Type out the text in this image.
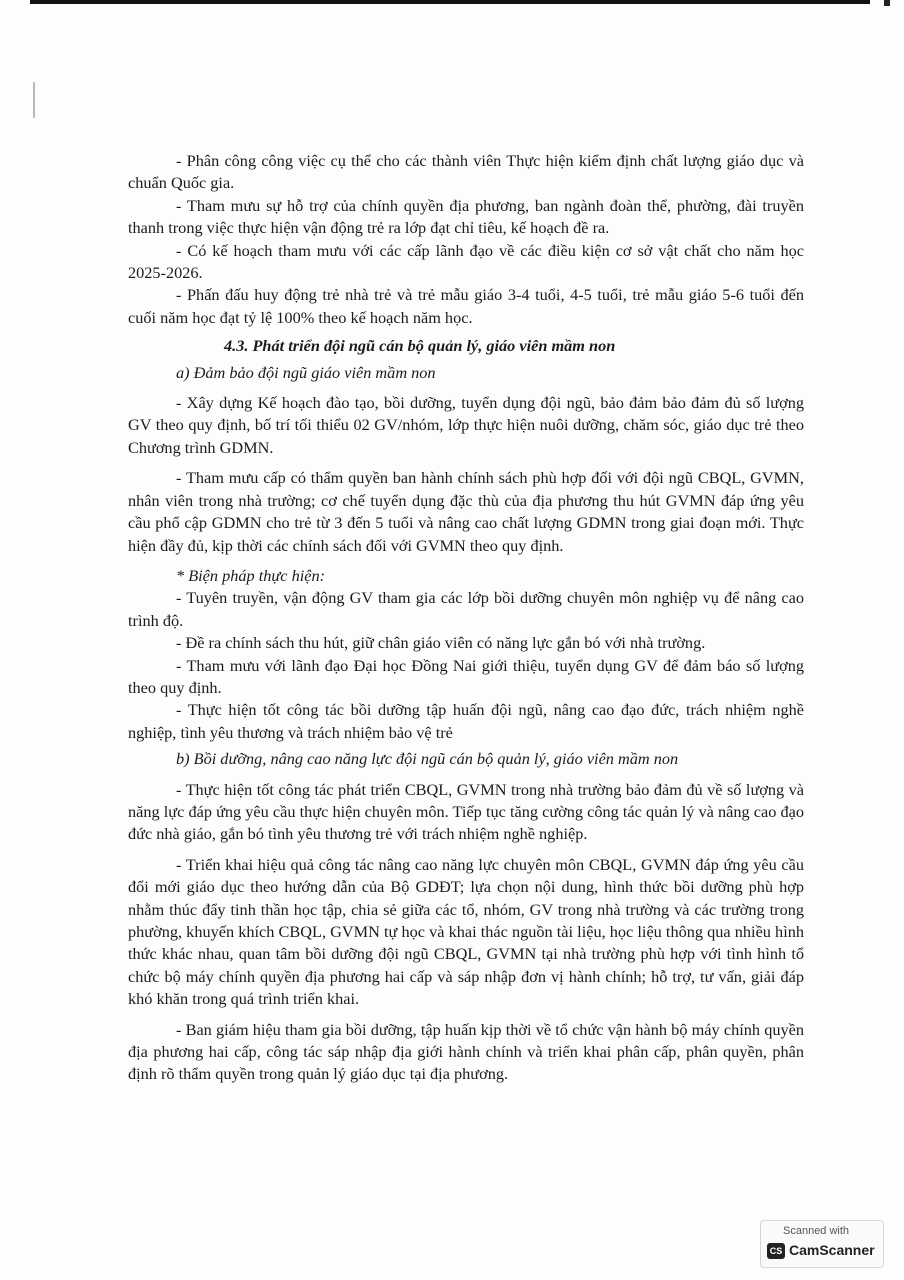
- Phân công công việc cụ thể cho các thành viên Thực hiện kiểm định chất lượng giáo dục và chuẩn Quốc gia.

- Tham mưu sự hỗ trợ của chính quyền địa phương, ban ngành đoàn thể, phường, đài truyền thanh trong việc thực hiện vận động trẻ ra lớp đạt chỉ tiêu, kế hoạch đề ra.

- Có kế hoạch tham mưu với các cấp lãnh đạo về các điều kiện cơ sở vật chất cho năm học 2025-2026.

- Phấn đấu huy động trẻ nhà trẻ và trẻ mẫu giáo 3-4 tuổi, 4-5 tuổi, trẻ mẫu giáo 5-6 tuổi đến cuối năm học đạt tỷ lệ 100% theo kế hoạch năm học.

4.3. Phát triển đội ngũ cán bộ quản lý, giáo viên mầm non

a) Đảm bảo đội ngũ giáo viên mầm non

- Xây dựng Kế hoạch đào tạo, bồi dưỡng, tuyển dụng đội ngũ, bảo đảm bảo đảm đủ số lượng GV theo quy định, bố trí tối thiểu 02 GV/nhóm, lớp thực hiện nuôi dưỡng, chăm sóc, giáo dục trẻ theo Chương trình GDMN.

- Tham mưu cấp có thẩm quyền ban hành chính sách phù hợp đối với đội ngũ CBQL, GVMN, nhân viên trong nhà trường; cơ chế tuyển dụng đặc thù của địa phương thu hút GVMN đáp ứng yêu cầu phổ cập GDMN cho trẻ từ 3 đến 5 tuổi và nâng cao chất lượng GDMN trong giai đoạn mới. Thực hiện đầy đủ, kịp thời các chính sách đối với GVMN theo quy định.

* Biện pháp thực hiện:

- Tuyên truyền, vận động GV tham gia các lớp bồi dưỡng chuyên môn nghiệp vụ để nâng cao trình độ.

- Đề ra chính sách thu hút, giữ chân giáo viên có năng lực gắn bó với nhà trường.

- Tham mưu với lãnh đạo Đại học Đồng Nai giới thiệu, tuyển dụng GV để đảm báo số lượng theo quy định.

- Thực hiện tốt công tác bồi dưỡng tập huấn đội ngũ, nâng cao đạo đức, trách nhiệm nghề nghiệp, tình yêu thương và trách nhiệm bảo vệ trẻ

b) Bồi dưỡng, nâng cao năng lực đội ngũ cán bộ quản lý, giáo viên mầm non

- Thực hiện tốt công tác phát triển CBQL, GVMN trong nhà trường bảo đảm đủ về số lượng và năng lực đáp ứng yêu cầu thực hiện chuyên môn. Tiếp tục tăng cường công tác quản lý và nâng cao đạo đức nhà giáo, gắn bó tình yêu thương trẻ với trách nhiệm nghề nghiệp.

- Triển khai hiệu quả công tác nâng cao năng lực chuyên môn CBQL, GVMN đáp ứng yêu cầu đổi mới giáo dục theo hướng dẫn của Bộ GDĐT; lựa chọn nội dung, hình thức bồi dưỡng phù hợp nhằm thúc đẩy tinh thần học tập, chia sẻ giữa các tổ, nhóm, GV trong nhà trường và các trường trong phường, khuyến khích CBQL, GVMN tự học và khai thác nguồn tài liệu, học liệu thông qua nhiều hình thức khác nhau, quan tâm bồi dưỡng đội ngũ CBQL, GVMN tại nhà trường phù hợp với tình hình tổ chức bộ máy chính quyền địa phương hai cấp và sáp nhập đơn vị hành chính; hỗ trợ, tư vấn, giải đáp khó khăn trong quá trình triển khai.

- Ban giám hiệu tham gia bồi dưỡng, tập huấn kịp thời về tổ chức vận hành bộ máy chính quyền địa phương hai cấp, công tác sáp nhập địa giới hành chính và triển khai phân cấp, phân quyền, phân định rõ thẩm quyền trong quản lý giáo dục tại địa phương.

Scanned with
CS CamScanner
